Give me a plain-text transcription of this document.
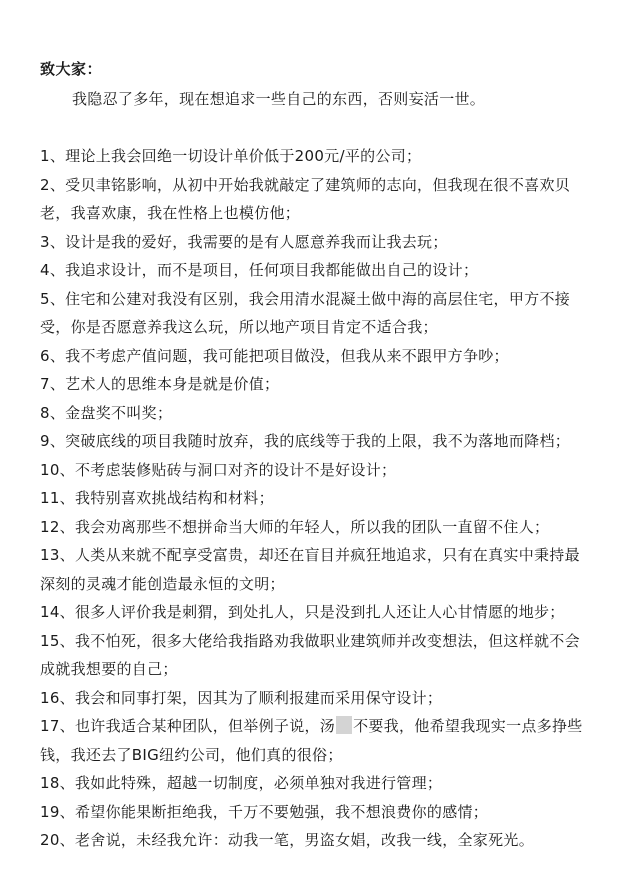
致大家：
我隐忍了多年，现在想追求一些自己的东西，否则妄活一世。
1、理论上我会回绝一切设计单价低于200元/平的公司；
2、受贝聿铭影响，从初中开始我就敲定了建筑师的志向，但我现在很不喜欢贝
老，我喜欢康，我在性格上也模仿他；
3、设计是我的爱好，我需要的是有人愿意养我而让我去玩；
4、我追求设计，而不是项目，任何项目我都能做出自己的设计；
5、住宅和公建对我没有区别，我会用清水混凝土做中海的高层住宅，甲方不接
受，你是否愿意养我这么玩，所以地产项目肯定不适合我；
6、我不考虑产值问题，我可能把项目做没，但我从来不跟甲方争吵；
7、艺术人的思维本身是就是价值；
8、金盘奖不叫奖；
9、突破底线的项目我随时放弃，我的底线等于我的上限，我不为落地而降档；
10、不考虑装修贴砖与洞口对齐的设计不是好设计；
11、我特别喜欢挑战结构和材料；
12、我会劝离那些不想拼命当大师的年轻人，所以我的团队一直留不住人；
13、人类从来就不配享受富贵，却还在盲目并疯狂地追求，只有在真实中秉持最
深刻的灵魂才能创造最永恒的文明；
14、很多人评价我是刺猬，到处扎人，只是没到扎人还让人心甘情愿的地步；
15、我不怕死，很多大佬给我指路劝我做职业建筑师并改变想法，但这样就不会
成就我想要的自己；
16、我会和同事打架，因其为了顺利报建而采用保守设计；
17、也许我适合某种团队，但举例子说，汤 不要我，他希望我现实一点多挣些
钱，我还去了BIG纽约公司，他们真的很俗；
18、我如此特殊，超越一切制度，必须单独对我进行管理；
19、希望你能果断拒绝我，千万不要勉强，我不想浪费你的感情；
20、老舍说，未经我允许：动我一笔，男盗女娼，改我一线，全家死光。
